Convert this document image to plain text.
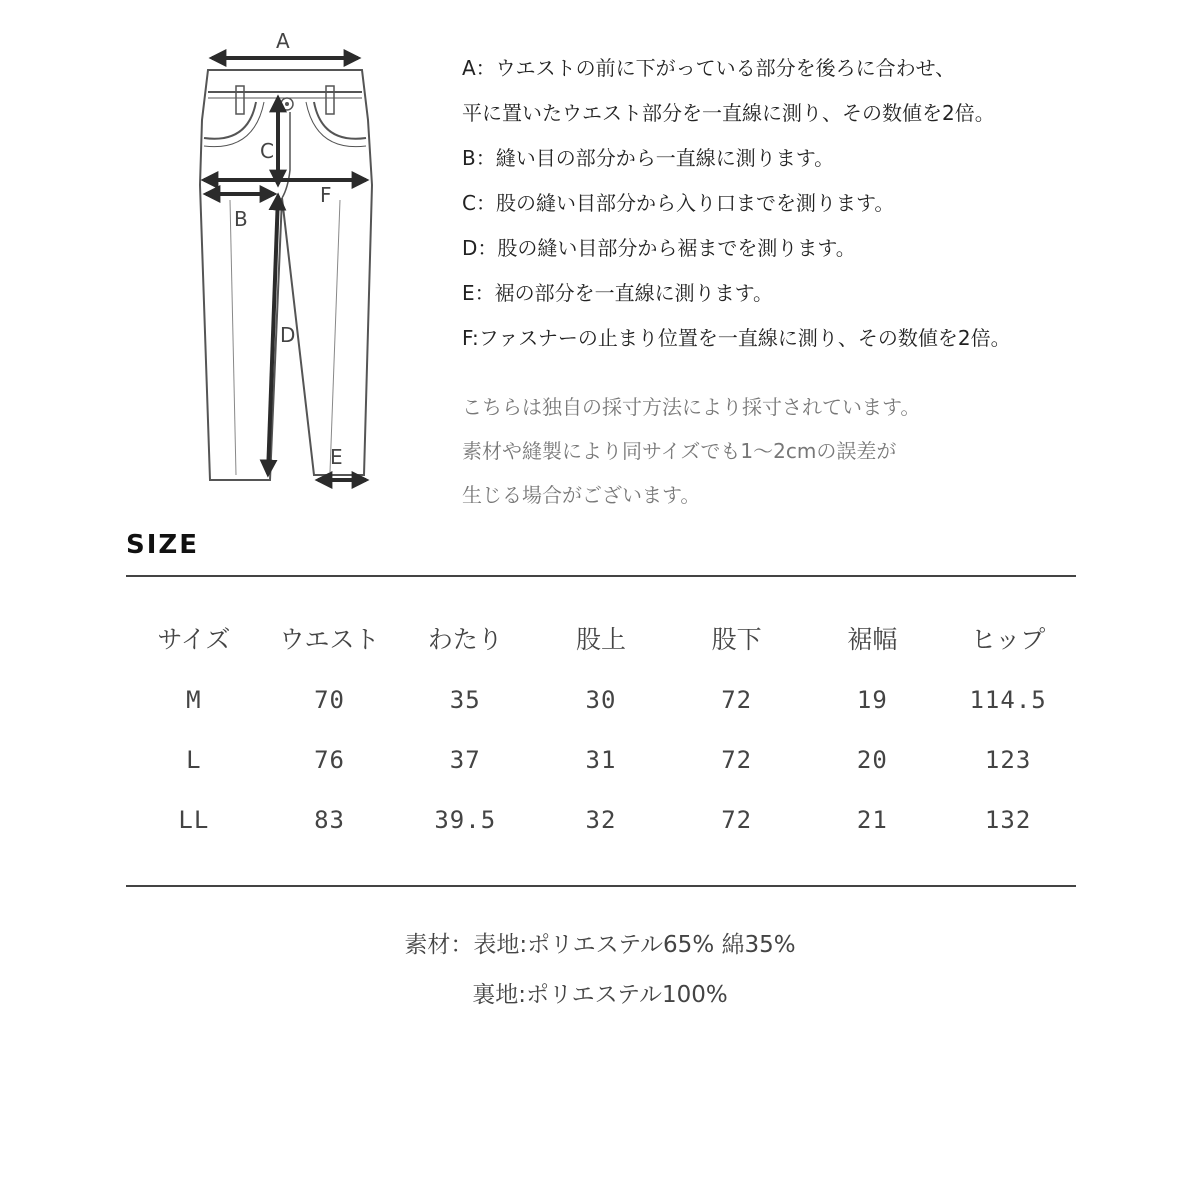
A
C
F
B
D
E
A：ウエストの前に下がっている部分を後ろに合わせ、
平に置いたウエスト部分を一直線に測り、その数値を2倍。
B：縫い目の部分から一直線に測ります。
C：股の縫い目部分から入り口までを測ります。
D：股の縫い目部分から裾までを測ります。
E：裾の部分を一直線に測ります。
F:ファスナーの止まり位置を一直線に測り、その数値を2倍。
こちらは独自の採寸方法により採寸されています。
素材や縫製により同サイズでも1～2cmの誤差が
生じる場合がございます。
SIZE
サイズ	ウエスト	わたり	股上	股下	裾幅	ヒップ
M	70	35	30	72	19	114.5
L	76	37	31	72	20	123
LL	83	39.5	32	72	21	132
素材：表地:ポリエステル65% 綿35%
裏地:ポリエステル100%
